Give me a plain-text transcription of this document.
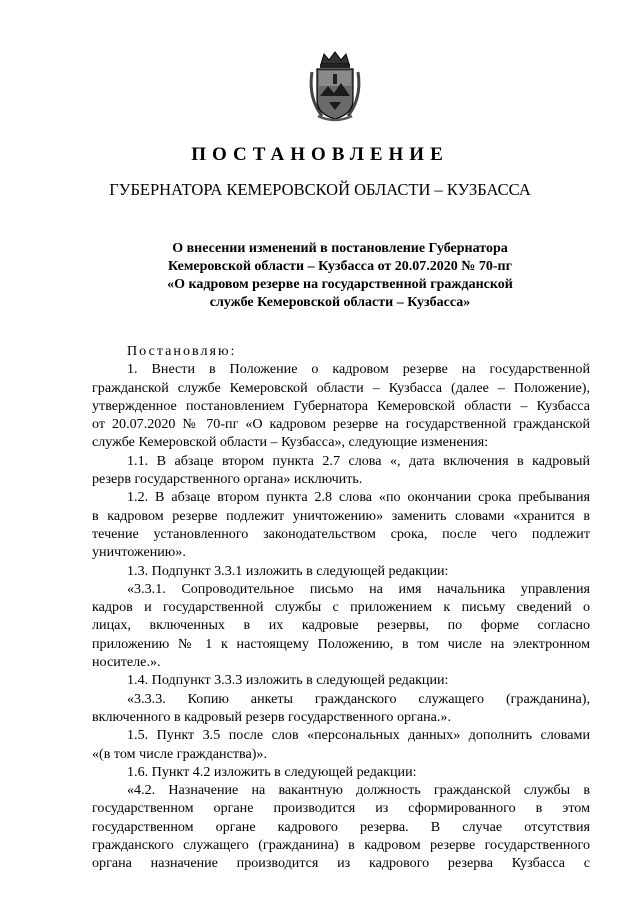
ПОСТАНОВЛЕНИЕ
ГУБЕРНАТОРА КЕМЕРОВСКОЙ ОБЛАСТИ – КУЗБАССА
О внесении изменений в постановление Губернатора
Кемеровской области – Кузбасса от 20.07.2020 № 70-пг
«О кадровом резерве на государственной гражданской
службе Кемеровской области – Кузбасса»
Постановляю:
1. Внести в Положение о кадровом резерве на государственной
гражданской службе Кемеровской области – Кузбасса (далее – Положение),
утвержденное постановлением Губернатора Кемеровской области – Кузбасса
от 20.07.2020 № 70-пг «О кадровом резерве на государственной гражданской
службе Кемеровской области – Кузбасса», следующие изменения:
1.1. В абзаце втором пункта 2.7 слова «, дата включения в кадровый
резерв государственного органа» исключить.
1.2. В абзаце втором пункта 2.8 слова «по окончании срока пребывания
в кадровом резерве подлежит уничтожению» заменить словами «хранится в
течение установленного законодательством срока, после чего подлежит
уничтожению».
1.3. Подпункт 3.3.1 изложить в следующей редакции:
«3.3.1. Сопроводительное письмо на имя начальника управления
кадров и государственной службы с приложением к письму сведений о
лицах, включенных в их кадровые резервы, по форме согласно
приложению № 1 к настоящему Положению, в том числе на электронном
носителе.».
1.4. Подпункт 3.3.3 изложить в следующей редакции:
«3.3.3. Копию анкеты гражданского служащего (гражданина),
включенного в кадровый резерв государственного органа.».
1.5. Пункт 3.5 после слов «персональных данных» дополнить словами
«(в том числе гражданства)».
1.6. Пункт 4.2 изложить в следующей редакции:
«4.2. Назначение на вакантную должность гражданской службы в
государственном органе производится из сформированного в этом
государственном органе кадрового резерва. В случае отсутствия
гражданского служащего (гражданина) в кадровом резерве государственного
органа назначение производится из кадрового резерва Кузбасса с
